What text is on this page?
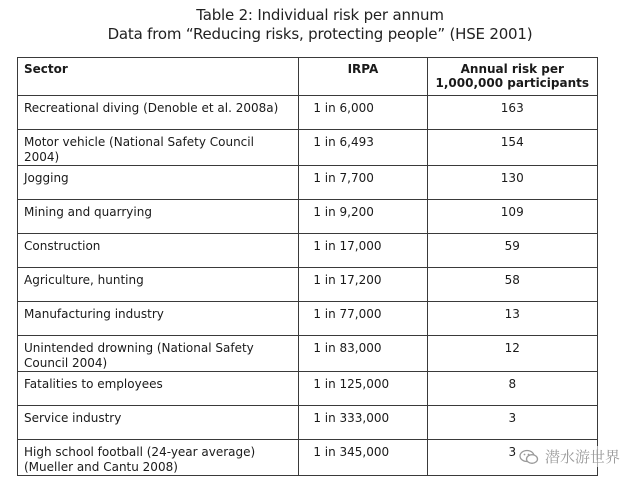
Table 2: Individual risk per annum
Data from “Reducing risks, protecting people” (HSE 2001)
Sector	IRPA	Annual risk per 1,000,000 participants
Recreational diving (Denoble et al. 2008a)	1 in 6,000	163
Motor vehicle (National Safety Council 2004)	1 in 6,493	154
Jogging	1 in 7,700	130
Mining and quarrying	1 in 9,200	109
Construction	1 in 17,000	59
Agriculture, hunting	1 in 17,200	58
Manufacturing industry	1 in 77,000	13
Unintended drowning (National Safety Council 2004)	1 in 83,000	12
Fatalities to employees	1 in 125,000	8
Service industry	1 in 333,000	3
High school football (24-year average) (Mueller and Cantu 2008)	1 in 345,000	3 潜水游世界
